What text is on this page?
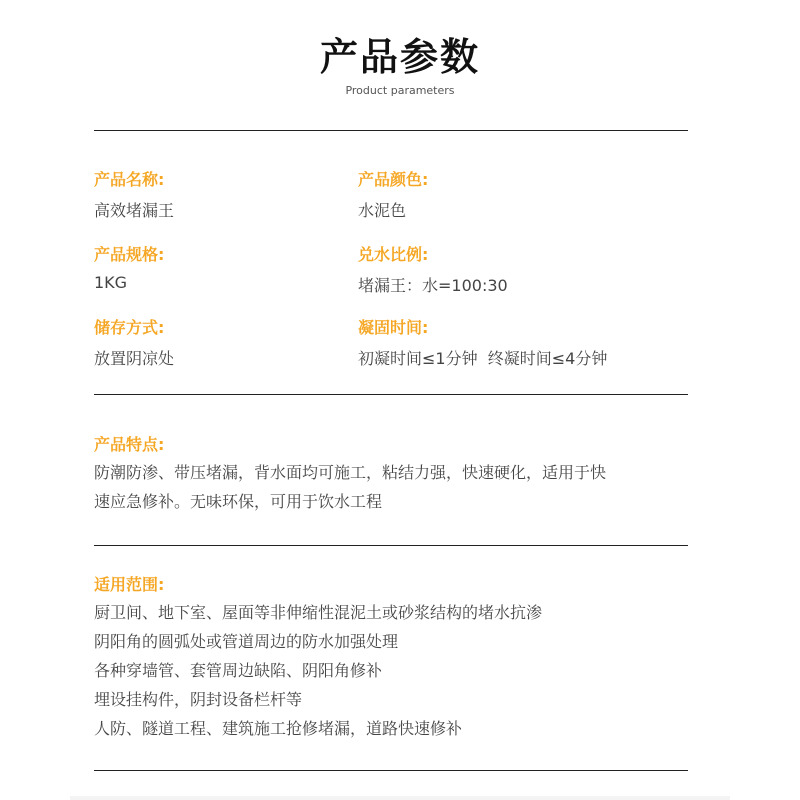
产品参数
Product parameters
产品名称:
高效堵漏王
产品颜色:
水泥色
产品规格:
1KG
兑水比例:
堵漏王：水=100:30
储存方式:
放置阴凉处
凝固时间:
初凝时间≤1分钟  终凝时间≤4分钟
产品特点:
防潮防渗、带压堵漏，背水面均可施工，粘结力强，快速硬化，适用于快
速应急修补。无味环保，可用于饮水工程
适用范围:
厨卫间、地下室、屋面等非伸缩性混泥土或砂浆结构的堵水抗渗
阴阳角的圆弧处或管道周边的防水加强处理
各种穿墙管、套管周边缺陷、阴阳角修补
埋设挂构件，阴封设备栏杆等
人防、隧道工程、建筑施工抢修堵漏，道路快速修补
